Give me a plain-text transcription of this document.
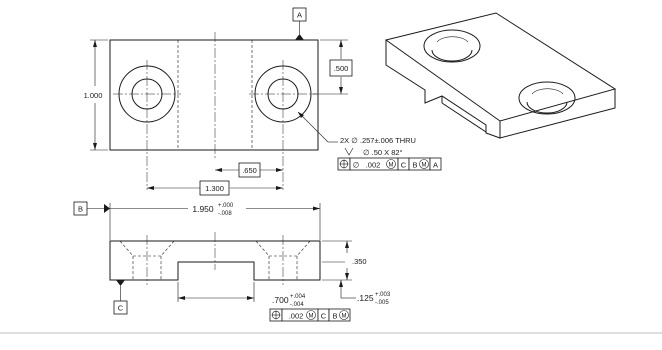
A
1.000
.500
.650
1.300
2X ∅ .257±.006 THRU
∅ .50 X 82°
∅ .002 M C B M A
B	1.950 +.000
-.008
C
.350
.125 +.003
-.005
.700 +.004
-.004
.002 M C B M
